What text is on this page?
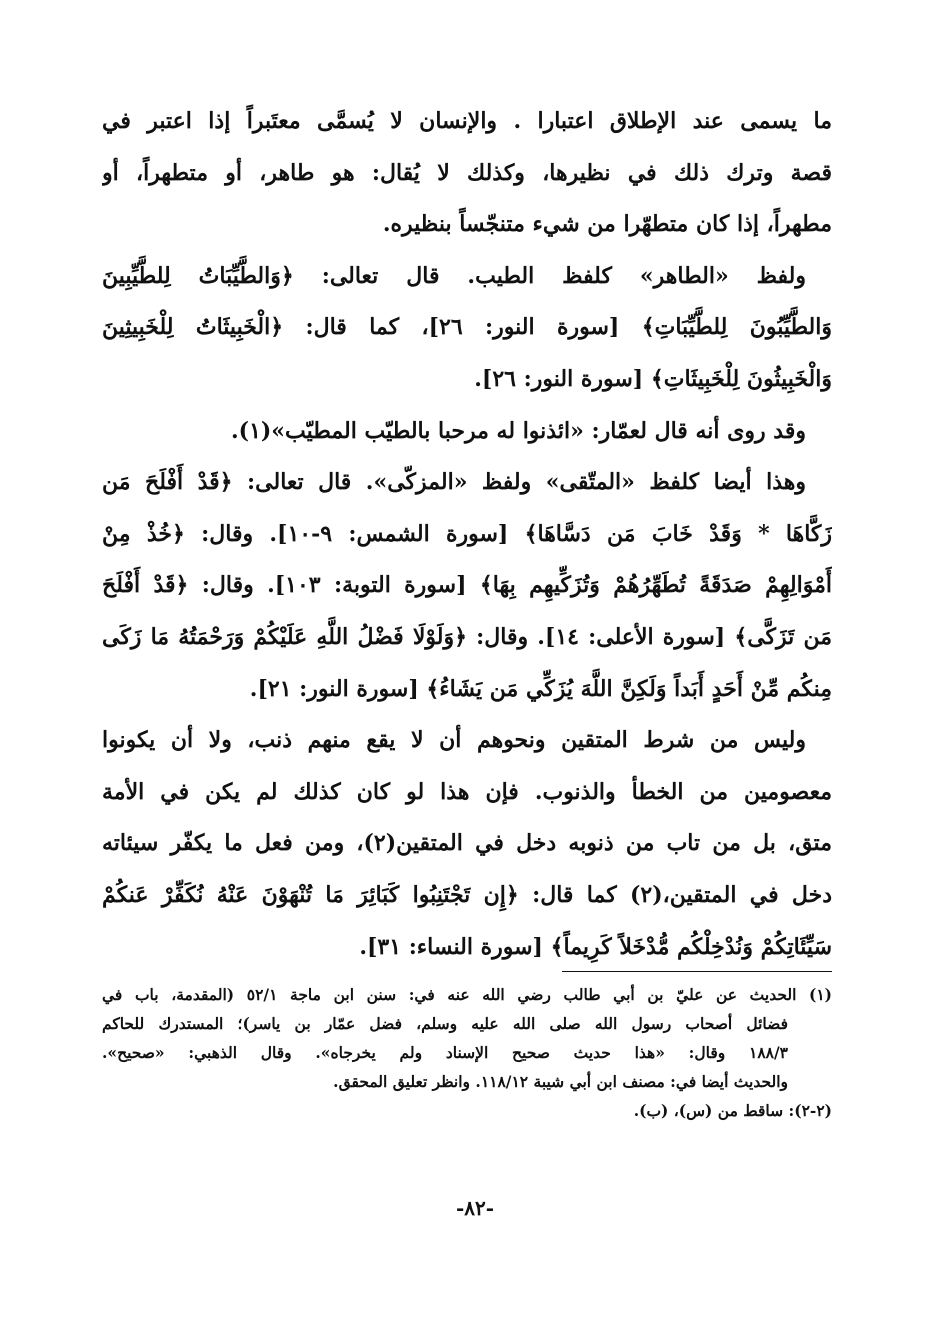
ما يسمى عند الإطلاق اعتبارا . والإنسان لا يُسمَّى معتَبراً إذا اعتبر في
قصة وترك ذلك في نظيرها، وكذلك لا يُقال: هو طاهر، أو متطهراً، أو
مطهراً، إذا كان متطهّرا من شيء متنجّساً بنظيره.
ولفظ «الطاهر» كلفظ الطيب. قال تعالى: ﴿وَالطَّيِّبَاتُ لِلطَّيِّبِينَ
وَالطَّيِّبُونَ لِلطَّيِّبَاتِ﴾ [سورة النور: ٢٦]، كما قال: ﴿الْخَبِيثَاتُ لِلْخَبِيثِينَ
وَالْخَبِيثُونَ لِلْخَبِيثَاتِ﴾ [سورة النور: ٢٦].
وقد روى أنه قال لعمّار: «ائذنوا له مرحبا بالطيّب المطيّب»(١).
وهذا أيضا كلفظ «المتّقى» ولفظ «المزكّى». قال تعالى: ﴿قَدْ أَفْلَحَ مَن
زَكَّاهَا * وَقَدْ خَابَ مَن دَسَّاهَا﴾ [سورة الشمس: ٩-١٠]. وقال: ﴿خُذْ مِنْ
أَمْوَالِهِمْ صَدَقَةً تُطَهِّرُهُمْ وَتُزَكِّيهِم بِهَا﴾ [سورة التوبة: ١٠٣]. وقال: ﴿قَدْ أَفْلَحَ
مَن تَزَكَّى﴾ [سورة الأعلى: ١٤]. وقال: ﴿وَلَوْلَا فَضْلُ اللَّهِ عَلَيْكُمْ وَرَحْمَتُهُ مَا زَكَى
مِنكُم مِّنْ أَحَدٍ أَبَداً وَلَكِنَّ اللَّهَ يُزَكِّي مَن يَشَاءُ﴾ [سورة النور: ٢١].
وليس من شرط المتقين ونحوهم أن لا يقع منهم ذنب، ولا أن يكونوا
معصومين من الخطأ والذنوب. فإن هذا لو كان كذلك لم يكن في الأمة
متق، بل من تاب من ذنوبه دخل في المتقين(٢)، ومن فعل ما يكفّر سيئاته
دخل في المتقين،(٢) كما قال: ﴿إِن تَجْتَنِبُوا كَبَائِرَ مَا تُنْهَوْنَ عَنْهُ نُكَفِّرْ عَنكُمْ
سَيِّئَاتِكُمْ وَنُدْخِلْكُم مُّدْخَلاً كَرِيماً﴾ [سورة النساء: ٣١].
(١) الحديث عن عليّ بن أبي طالب رضي الله عنه في: سنن ابن ماجة ٥٢/١ (المقدمة، باب في
فضائل أصحاب رسول الله صلى الله عليه وسلم، فضل عمّار بن ياسر)؛ المستدرك للحاكم
١٨٨/٣ وقال: «هذا حديث صحيح الإسناد ولم يخرجاه». وقال الذهبي: «صحيح».
والحديث أيضا في: مصنف ابن أبي شيبة ١١٨/١٢. وانظر تعليق المحقق.
(٢-٢): ساقط من (س)، (ب).
-٨٢-
